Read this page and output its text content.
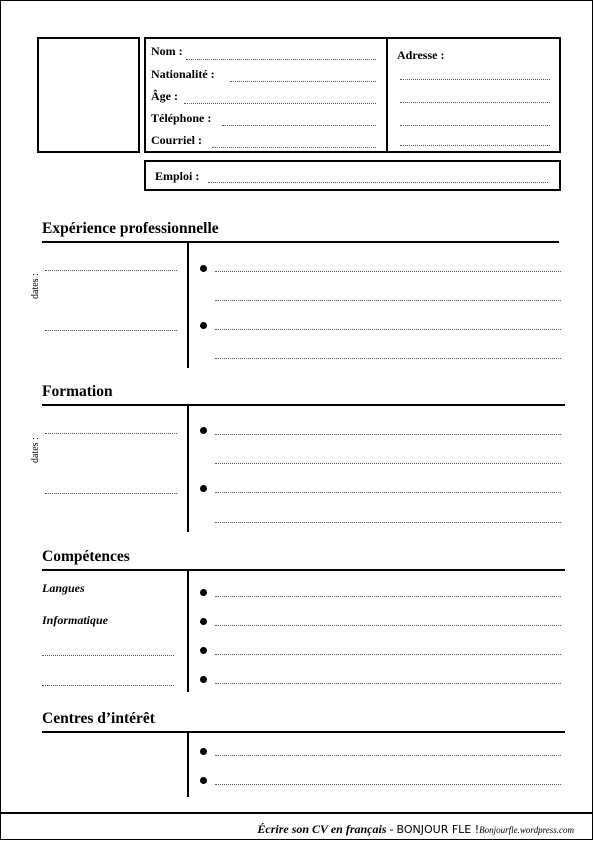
Nom :
Nationalité :
Âge :
Téléphone :
Courriel :
Adresse :
Emploi :
Expérience professionnelle
dates :
Formation
dates :
Compétences
Langues
Informatique
Centres d’intérêt
Écrire son CV en français - BONJOUR FLE !Bonjourfle.wordpress.com
